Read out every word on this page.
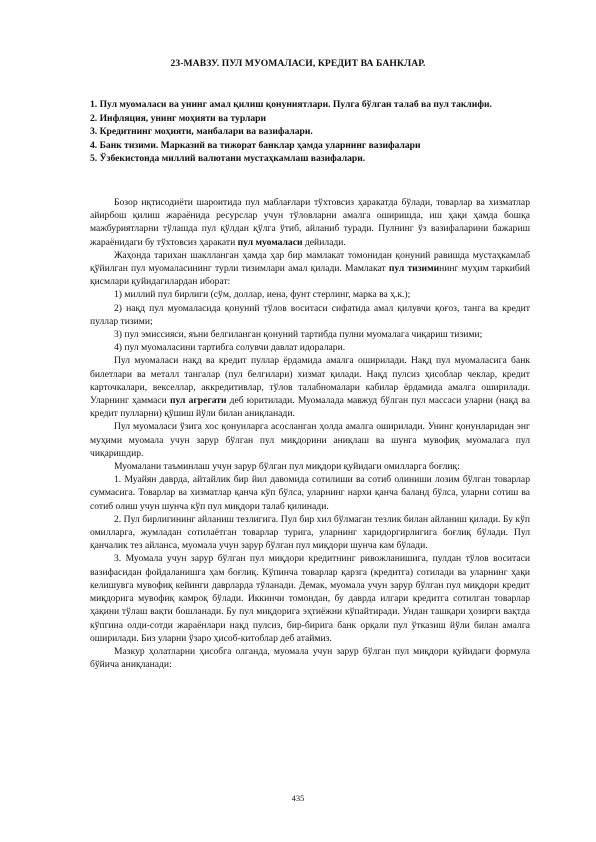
23-МАВЗУ. ПУЛ МУОМАЛАСИ, КРЕДИТ ВА БАНКЛАР.
1. Пул муомаласи ва унинг амал қилиш қонуниятлари. Пулга бўлган талаб ва пул таклифи.
2. Инфляция, унинг моҳияти ва турлари
3. Кредитнинг моҳияти, манбалари ва вазифалари.
4. Банк тизими. Марказий ва тижорат банклар ҳамда уларнинг вазифалари
5. Ўзбекистонда миллий валютани мустаҳкамлаш вазифалари.

Бозор иқтисодиёти шароитида пул маблағлари тўхтовсиз ҳаракатда бўлади, товарлар ва хизматлар айирбош қилиш жараёнида ресурслар учун тўловларни амалга оширишда, иш ҳақи ҳамда бошқа мажбуриятларни тўлашда пул қўлдан қўлга ўтиб, айланиб туради. Пулнинг ўз вазифаларини бажариш жараёнидаги бу тўхтовсиз ҳаракати пул муомаласи дейилади.

Жаҳонда тарихан шаклланган ҳамда ҳар бир мамлакат томонидан қонуний равишда мустаҳкамлаб қўйилган пул муомаласининг турли тизимлари амал қилади. Мамлакат пул тизимининг муҳим таркибий қисмлари қуйидагилардан иборат:

1) миллий пул бирлиги (сўм, доллар, иена, фунт стерлинг, марка ва ҳ.к.);

2) нақд пул муомаласида қонуний тўлов воситаси сифатида амал қилувчи қоғоз, танга ва кредит пуллар тизими;

3) пул эмиссияси, яъни белгиланган қонуний тартибда пулни муомалага чиқариш тизими;

4) пул муомаласини тартибга солувчи давлат идоралари.

Пул муомаласи нақд ва кредит пуллар ёрдамида амалга оширилади. Нақд пул муомаласига банк билетлари ва металл тангалар (пул белгилари) хизмат қилади. Нақд пулсиз ҳисоблар чеклар, кредит карточкалари, векселлар, аккредитивлар, тўлов талабномалари кабилар ёрдамида амалга оширилади. Уларнинг ҳаммаси пул агрегати деб юритилади. Муомалада мавжуд бўлган пул массаси уларни (нақд ва кредит пулларни) қўшиш йўли билан аниқланади.

Пул муомаласи ўзига хос қонунларга асосланган ҳолда амалга оширилади. Унинг қонунларидан энг муҳими муомала учун зарур бўлган пул миқдорини аниқлаш ва шунга мувофиқ муомалага пул чиқаришдир.

Муомалани таъминлаш учун зарур бўлган пул миқдори қуйидаги омилларга боғлиқ:

1. Муайян даврда, айтайлик бир йил давомида сотилиши ва сотиб олиниши лозим бўлган товарлар суммасига. Товарлар ва хизматлар қанча кўп бўлса, уларнинг нархи қанча баланд бўлса, уларни сотиш ва сотиб олиш учун шунча кўп пул миқдори талаб қилинади.

2. Пул бирлигининг айланиш тезлигига. Пул бир хил бўлмаган тезлик билан айланиш қилади. Бу кўп омилларга, жумладан сотилаётган товарлар турига, уларнинг харидоргирлигига боғлиқ бўлади. Пул қанчалик тез айланса, муомала учун зарур бўлган пул миқдори шунча кам бўлади.

3. Муомала учун зарур бўлган пул миқдори кредитнинг ривожланишига, пулдан тўлов воситаси вазифасидан фойдаланишга ҳам боғлиқ. Кўпинча товарлар қарзга (кредитга) сотилади ва уларнинг ҳақи келишувга мувофиқ кейинги даврларда тўланади. Демак, муомала учун зарур бўлган пул миқдори кредит миқдорига мувофиқ камроқ бўлади. Иккинчи томондан, бу даврда илгари кредитга сотилган товарлар ҳақини тўлаш вақти бошланади. Бу пул миқдорига эҳтиёжни кўпайтиради. Ундан ташқари ҳозирги вақтда кўпгина олди-сотди жараёнлари нақд пулсиз, бир-бирига банк орқали пул ўтказиш йўли билан амалга оширилади. Биз уларни ўзаро ҳисоб-китоблар деб атаймиз.

Мазкур ҳолатларни ҳисобга олганда, муомала учун зарур бўлган пул миқдори қуйидаги формула бўйича аниқланади:

435
